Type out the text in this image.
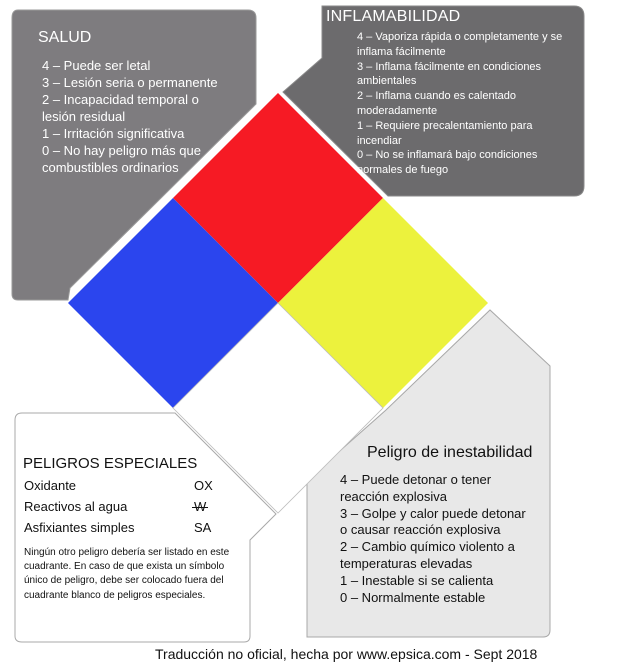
SALUD
4 – Puede ser letal
3 – Lesión seria o permanente
2 – Incapacidad temporal o lesión residual
1 – Irritación significativa
0 – No hay peligro más que combustibles ordinarios
INFLAMABILIDAD
4 – Vaporiza rápida o completamente y se inflama fácilmente
3 – Inflama fácilmente en condiciones ambientales
2 – Inflama cuando es calentado moderadamente
1 – Requiere precalentamiento para incendiar
0 – No se inflamará bajo condiciones normales de fuego
Peligro de inestabilidad
4 – Puede detonar o tener reacción explosiva
3 – Golpe y calor puede detonar o causar reacción explosiva
2 – Cambio químico violento a temperaturas elevadas
1 – Inestable si se calienta
0 – Normalmente estable
PELIGROS ESPECIALES
Oxidante	OX
Reactivos al agua	W
Asfixiantes simples	SA

Ningún otro peligro debería ser listado en este cuadrante. En caso de que exista un símbolo único de peligro, debe ser colocado fuera del cuadrante blanco de peligros especiales.

Traducción no oficial, hecha por www.epsica.com - Sept 2018
